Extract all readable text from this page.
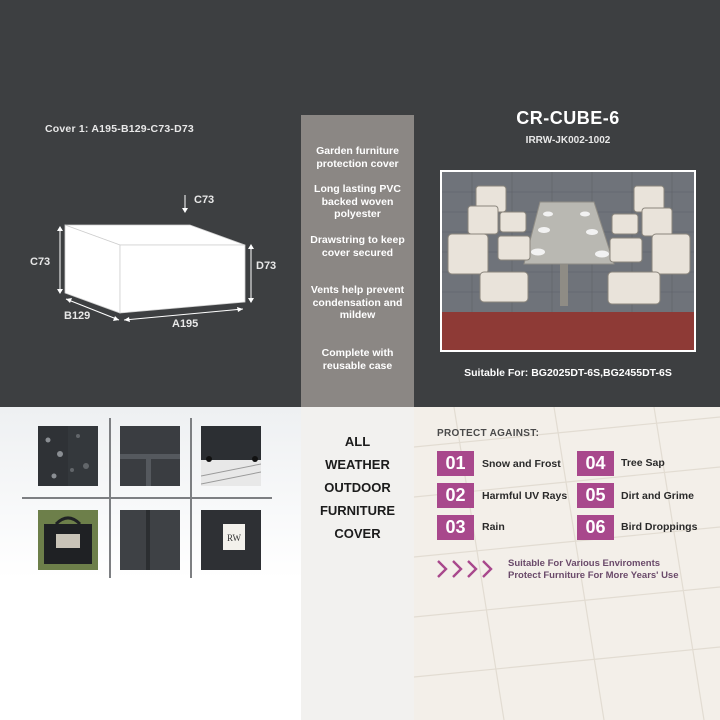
Cover 1: A195-B129-C73-D73
C73
C73	D73
B129
A195
Garden furniture protection cover
Long lasting PVC backed woven polyester
Drawstring to keep cover secured
Vents help prevent condensation and mildew
Complete with reusable case
CR-CUBE-6
IRRW-JK002-1002
Suitable For: BG2025DT-6S,BG2455DT-6S
RW
ALL
WEATHER
OUTDOOR
FURNITURE
COVER
PROTECT AGAINST:
01	Snow and Frost
02	Harmful UV Rays
03	Rain
04	Tree Sap
05	Dirt and Grime
06	Bird Droppings
Suitable For Various Enviroments
Protect Furniture For More Years' Use
